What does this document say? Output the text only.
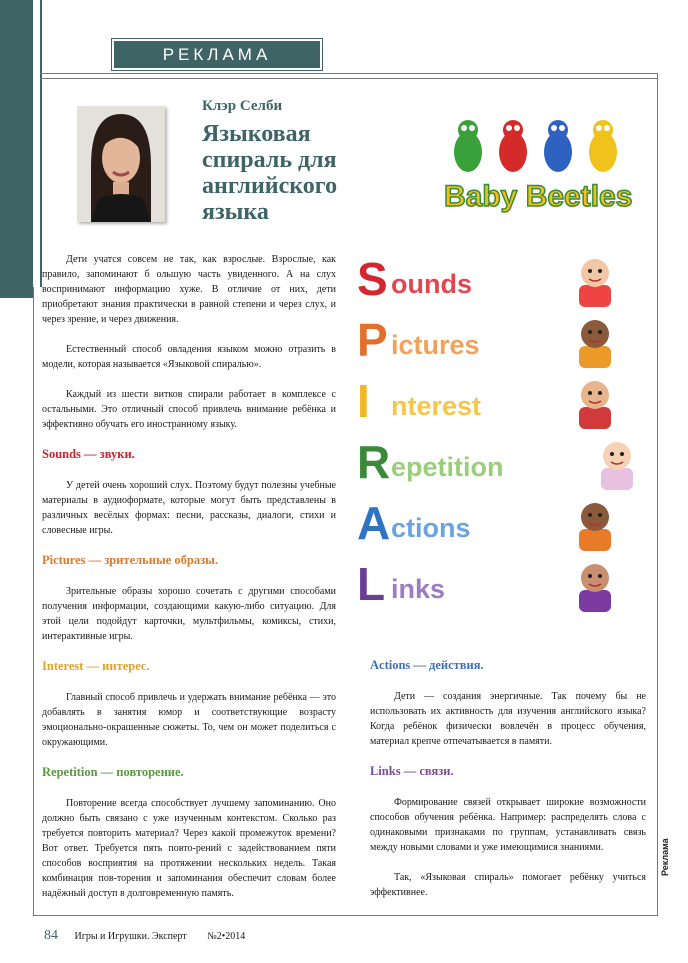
РЕКЛАМА
Клэр Селби
Языковая спираль для английского языка	Baby Beetles

Дети учатся совсем не так, как взрослые. Взрослые, как правило, запоминают б ольшую часть увиденного. А на слух воспринимают информацию хуже. В отличие от них, дети приобретают знания практически в равной степени и через слух, и через зрение, и через движения.

Естественный способ овладения языком можно отразить в модели, которая называется «Языковой спиралью».

Каждый из шести витков спирали работает в комплексе с остальными. Это отличный способ привлечь внимание ребёнка и эффективно обучать его иностранному языку.

Sounds — звуки.

У детей очень хороший слух. Поэтому будут полезны учебные материалы в аудиоформате, которые могут быть представлены в различных весёлых формах: песни, рассказы, диалоги, стихи и словесные игры.

Pictures — зрительные образы.

Зрительные образы хорошо сочетать с другими способами получения информации, создающими какую-либо ситуацию. Для этой цели подойдут карточки, мультфильмы, комиксы, стихи, интерактивные игры.

Interest — интерес.

Главный способ привлечь и удержать внимание ребёнка — это добавлять в занятия юмор и соответствующие возрасту эмоционально-окрашенные сюжеты. То, чем он может поделиться с окружающими.

Repetition — повторение.

Повторение всегда способствует лучшему запоминанию. Оно должно быть связано с уже изученным контекстом. Сколько раз требуется повторить материал? Через какой промежуток времени? Вот ответ. Требуется пять повто-рений с задействованием пяти способов восприятия на протяжении нескольких недель. Такая комбинация пов-торения и запоминания обеспечит словам более надёжный доступ в долговременную память.

Actions — действия.

Дети — создания энергичные. Так почему бы не использовать их активность для изучения английского языка? Когда ребёнок физически вовлечён в процесс обучения, материал крепче отпечатывается в памяти.

Links — связи.

Формирование связей открывает широкие возможности способов обучения ребёнка. Например: распределять слова с одинаковыми признаками по группам, устанавливать связь между новыми словами и уже имеющимися знаниями.

Так, «Языковая спираль» помогает ребёнку учиться эффективнее.

S ounds
P ictures
I nterest
R epetition
A ctions
L inks
84 Игры и Игрушки. Эксперт №2•2014
Реклама
